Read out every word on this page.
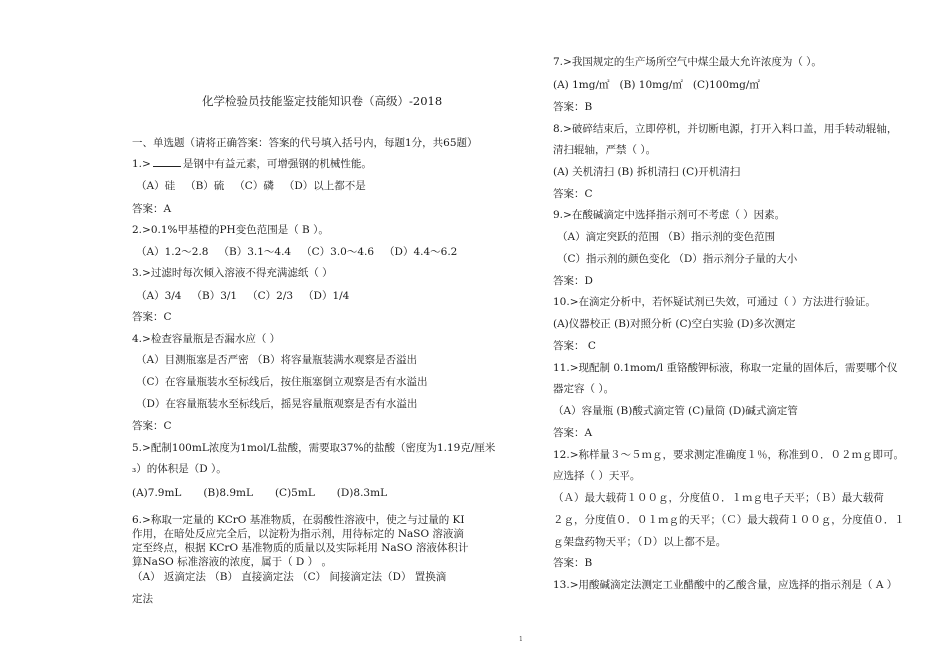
化学检验员技能鉴定技能知识卷（高级）-2018
一、单选题（请将正确答案：答案的代号填入括号内，每题1分，共65题）
1.>	是钢中有益元素，可增强钢的机械性能。
（A）硅 （B）硫 （C）磷 （D）以上都不是
答案：A
2.>0.1%甲基橙的PH变色范围是（ B ）。
（A）1.2～2.8 （B）3.1～4.4 （C）3.0～4.6 （D）4.4～6.2
3.>过滤时每次倾入溶液不得充满滤纸（ ）
（A）3/4 （B）3/1 （C）2/3 （D）1/4
答案：C
4.>检查容量瓶是否漏水应（ ）
（A）目测瓶塞是否严密 （B）将容量瓶装满水观察是否溢出
（C）在容量瓶装水至标线后，按住瓶塞倒立观察是否有水溢出
（D）在容量瓶装水至标线后，摇晃容量瓶观察是否有水溢出
答案：C
5.>配制100mL浓度为1mol/L盐酸，需要取37%的盐酸（密度为1.19克/厘米
₃）的体积是（D ）。
(A)7.9mL (B)8.9mL (C)5mL (D)8.3mL
6.>称取一定量的 KCrO 基准物质，在弱酸性溶液中，使之与过量的 KI
作用，在暗处反应完全后，以淀粉为指示剂，用待标定的 NaSO 溶液滴
定至终点，根据 KCrO 基准物质的质量以及实际耗用 NaSO 溶液体积计
算NaSO 标准溶液的浓度，属于（ D ） 。
（A） 返滴定法 （B） 直接滴定法 （C） 间接滴定法（D） 置换滴
定法
7.>我国规定的生产场所空气中煤尘最大允许浓度为（ ）。
(A) 1mg/㎡ (B) 10mg/㎡ (C)100mg/㎡
答案：B
8.>破碎结束后，立即停机，并切断电源，打开入料口盖，用手转动辊轴，
清扫辊轴，严禁（ ）。
(A) 关机清扫 (B) 拆机清扫 (C)开机清扫
答案：C
9.>在酸碱滴定中选择指示剂可不考虑（ ）因素。
（A）滴定突跃的范围 （B）指示剂的变色范围
（C）指示剂的颜色变化 （D）指示剂分子量的大小
答案：D
10.>在滴定分析中，若怀疑试剂已失效，可通过（ ）方法进行验证。
(A)仪器校正 (B)对照分析 (C)空白实验 (D)多次测定
答案： C
11.>现配制 0.1mom/l 重铬酸钾标液，称取一定量的固体后，需要哪个仪
器定容（ ）。
（A）容量瓶 (B)酸式滴定管 (C)量筒 (D)碱式滴定管
答案：A
12.>称样量３～５ｍｇ，要求测定准确度１％，称准到０．０２ｍｇ即可。
应选择（ ）天平。
（Ａ）最大载荷１００ｇ，分度值０．１ｍｇ电子天平；（Ｂ）最大载荷
２ｇ，分度值０．０１ｍｇ的天平；（Ｃ）最大载荷１００ｇ，分度值０．１
ｇ架盘药物天平；（Ｄ）以上都不是。
答案：B
13.>用酸碱滴定法测定工业醋酸中的乙酸含量，应选择的指示剂是（ A ）
1
